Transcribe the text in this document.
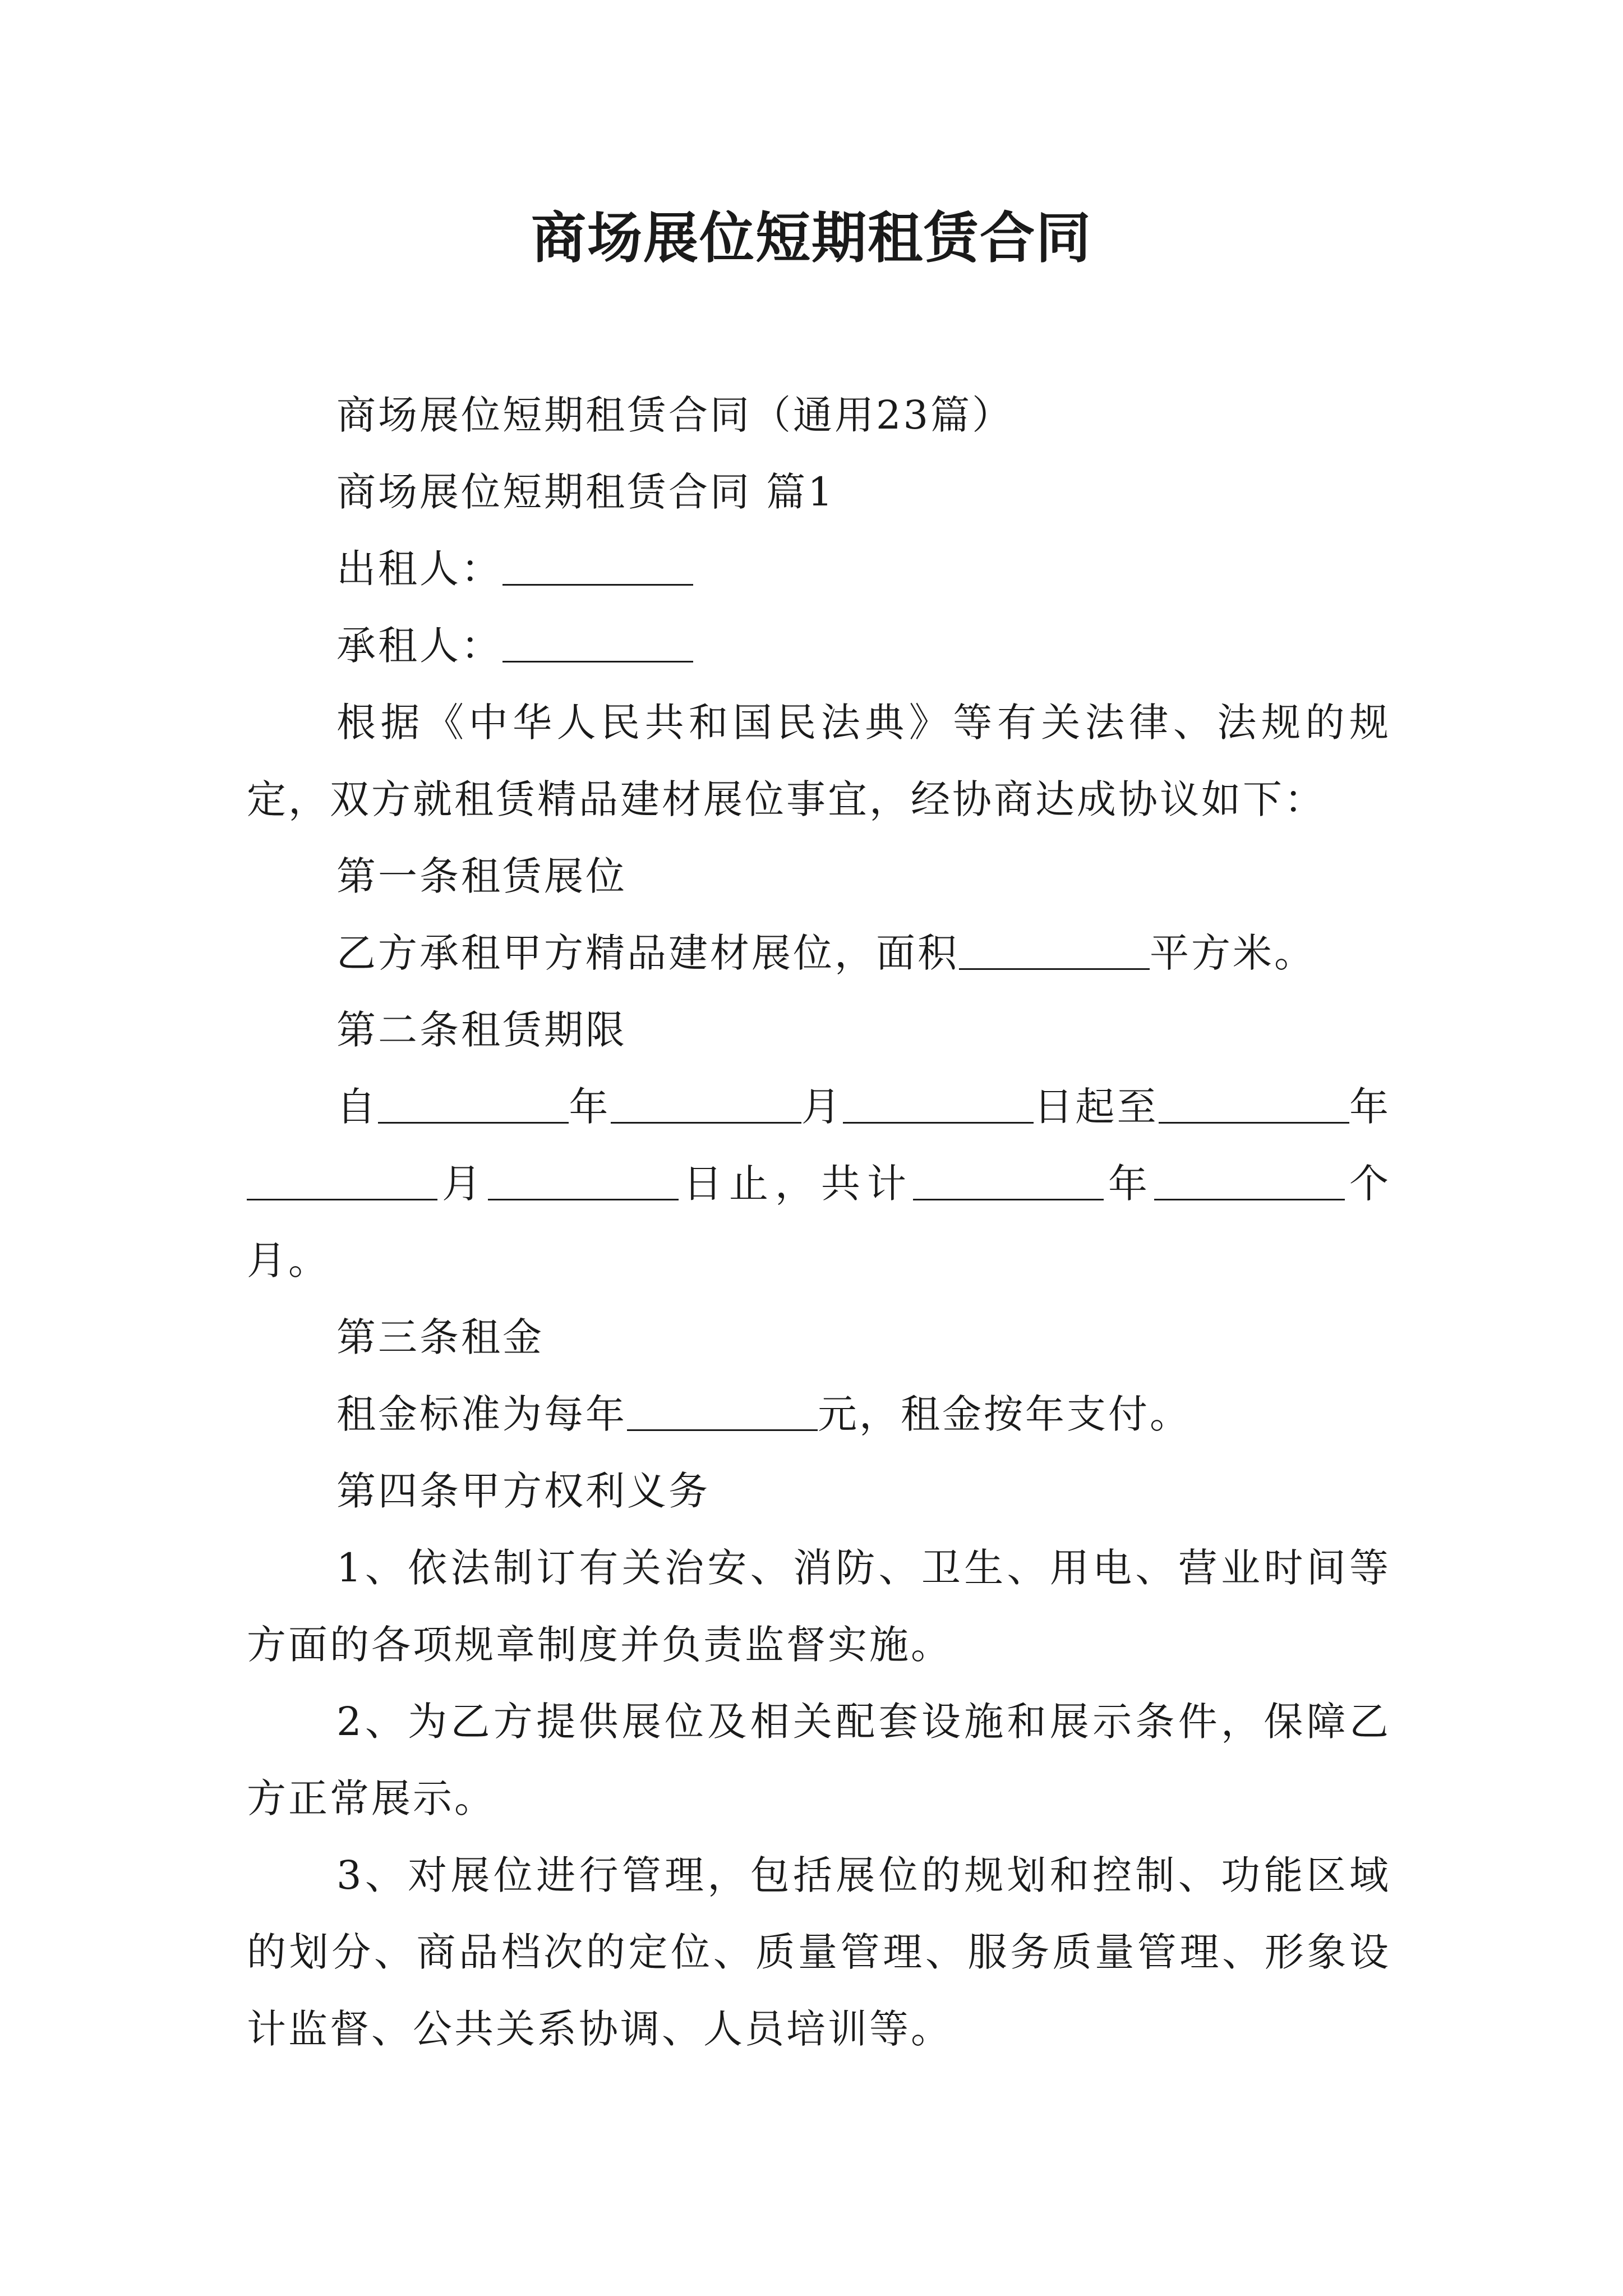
商场展位短期租赁合同

商场展位短期租赁合同（通用23篇）

商场展位短期租赁合同 篇1

出租人：

承租人：

根据《中华人民共和国民法典》等有关法律、法规的规定，双方就租赁精品建材展位事宜，经协商达成协议如下：

第一条租赁展位

乙方承租甲方精品建材展位，面积	平方米。

第二条租赁期限

自	年	月	日起至	年月	日止，共计	年	个月。

第三条租金

租金标准为每年	元，租金按年支付。

第四条甲方权利义务

1、依法制订有关治安、消防、卫生、用电、营业时间等方面的各项规章制度并负责监督实施。

2、为乙方提供展位及相关配套设施和展示条件，保障乙方正常展示。

3、对展位进行管理，包括展位的规划和控制、功能区域的划分、商品档次的定位、质量管理、服务质量管理、形象设计监督、公共关系协调、人员培训等。
